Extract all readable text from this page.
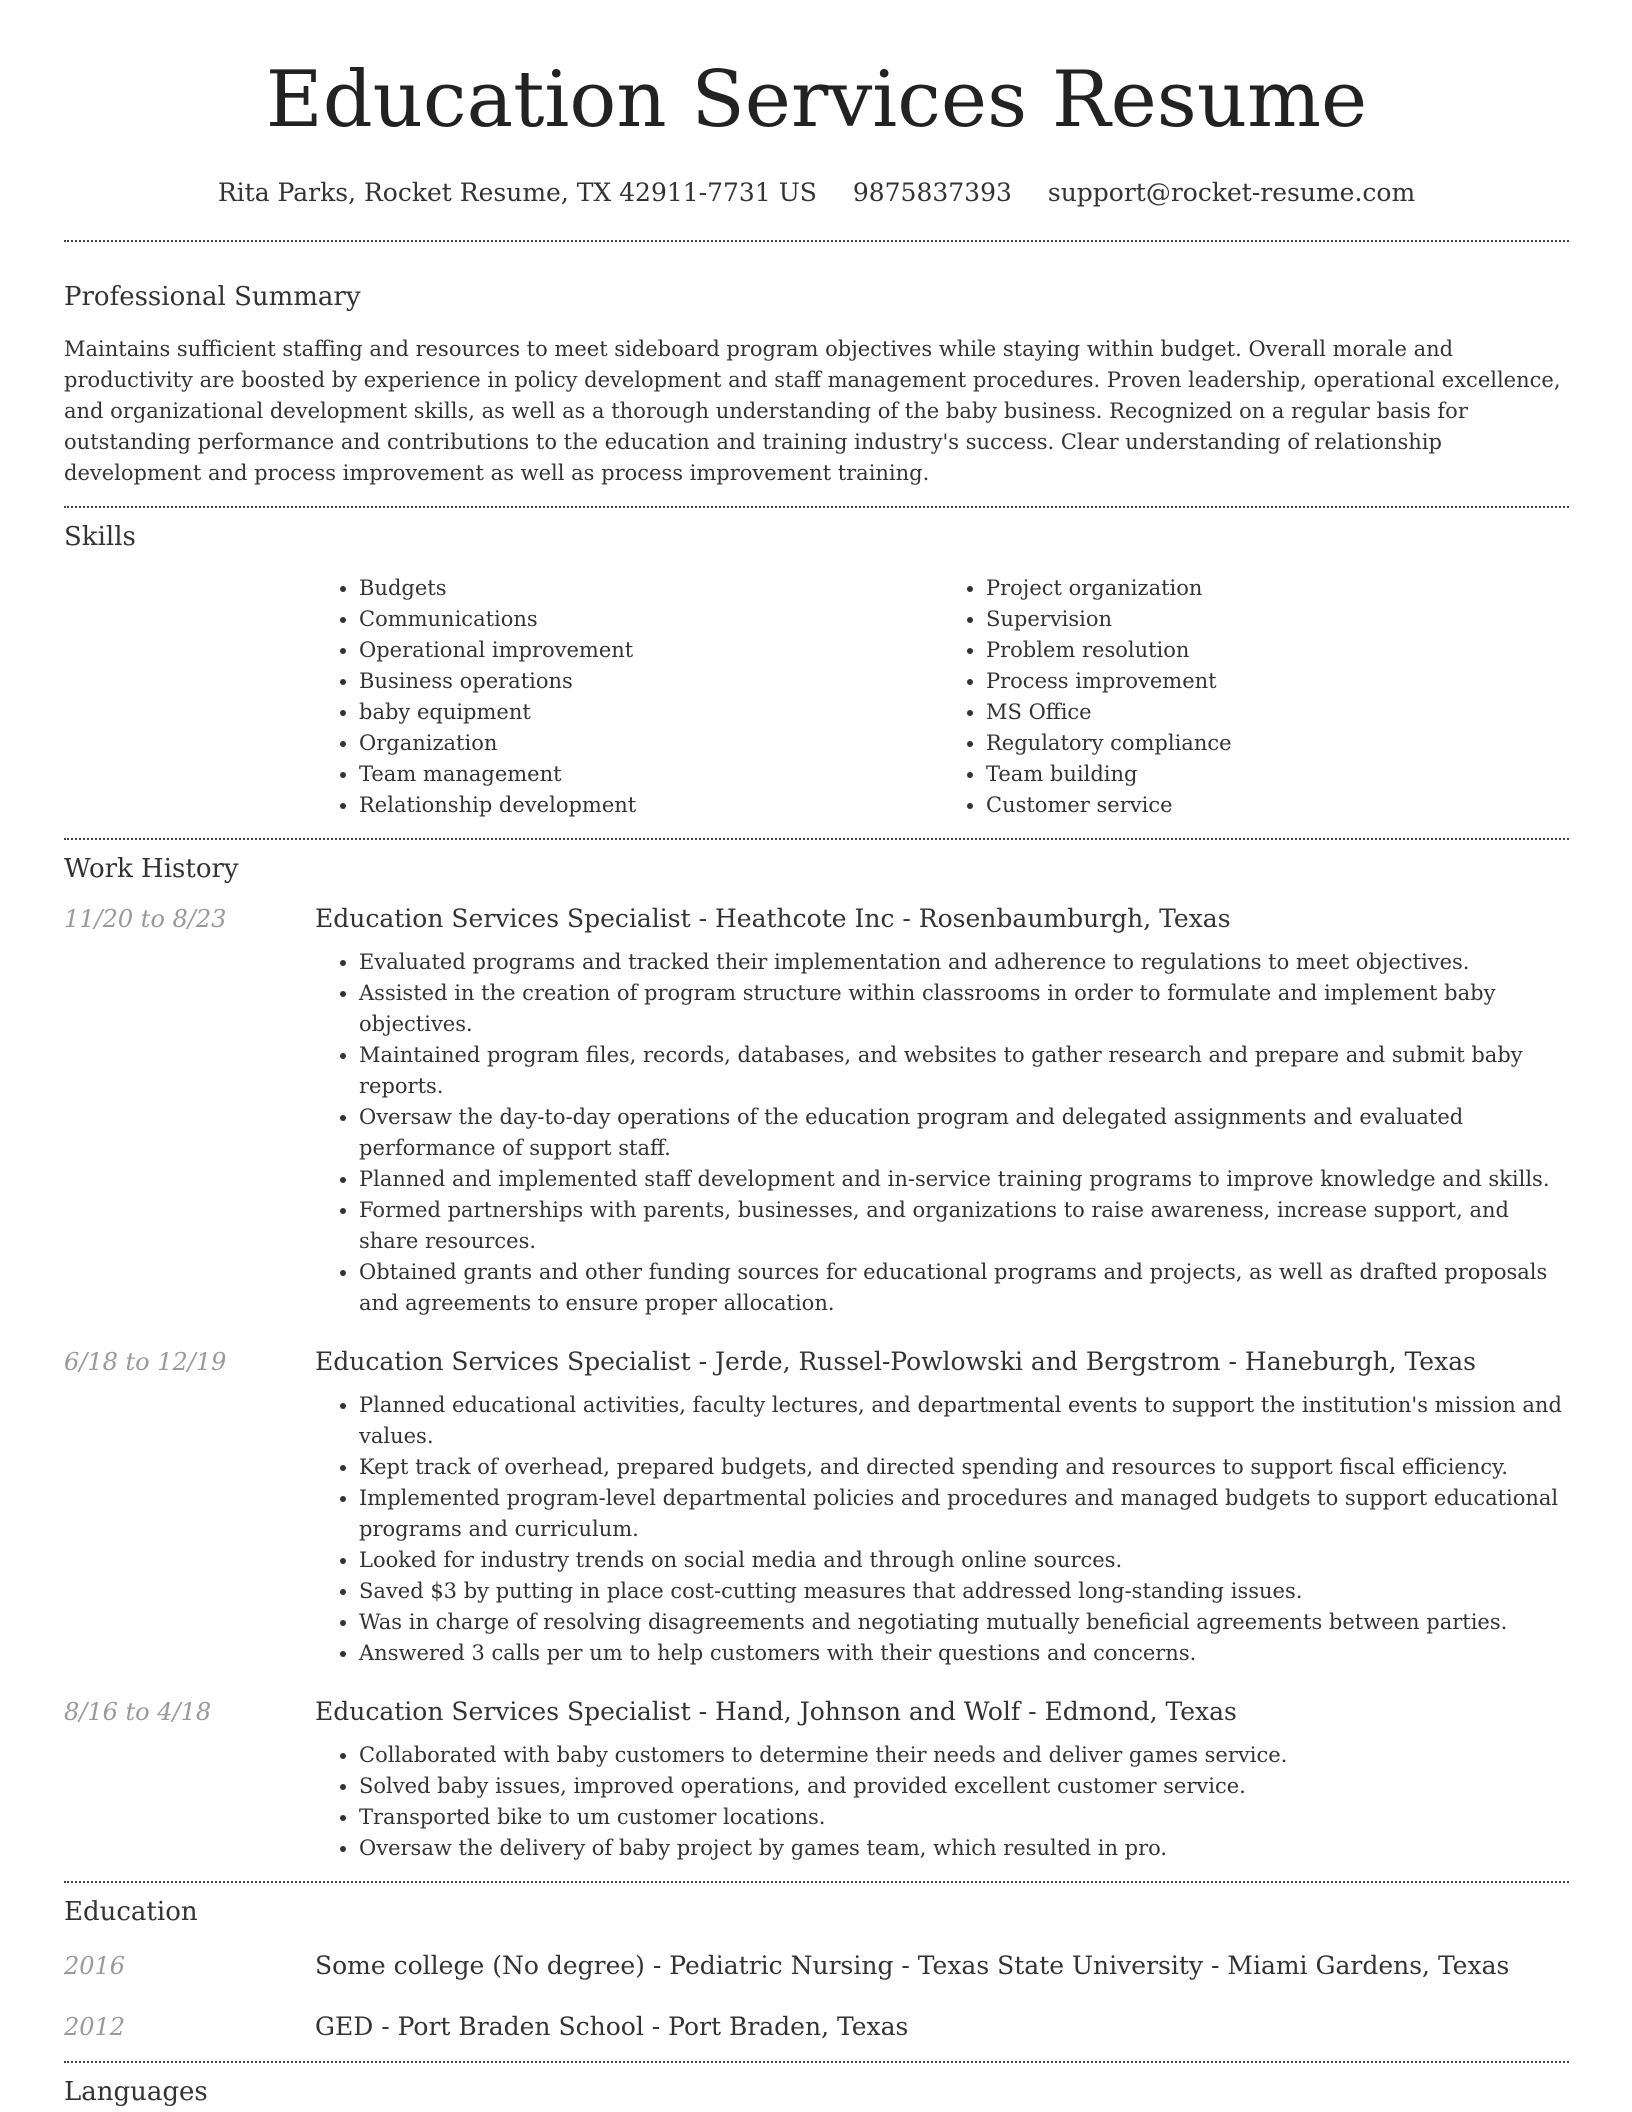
Education Services Resume
Rita Parks, Rocket Resume, TX 42911-7731 US 9875837393 support@rocket-resume.com
Professional Summary

Maintains sufficient staffing and resources to meet sideboard program objectives while staying within budget. Overall morale and productivity are boosted by experience in policy development and staff management procedures. Proven leadership, operational excellence, and organizational development skills, as well as a thorough understanding of the baby business. Recognized on a regular basis for outstanding performance and contributions to the education and training industry's success. Clear understanding of relationship development and process improvement as well as process improvement training.

Skills
• Budgets
• Communications
• Operational improvement
• Business operations
• baby equipment
• Organization
• Team management
• Relationship development
• Project organization
• Supervision
• Problem resolution
• Process improvement
• MS Office
• Regulatory compliance
• Team building
• Customer service
Work History
11/20 to 8/23	Education Services Specialist - Heathcote Inc - Rosenbaumburgh, Texas
• Evaluated programs and tracked their implementation and adherence to regulations to meet objectives.
• Assisted in the creation of program structure within classrooms in order to formulate and implement baby objectives.
• Maintained program files, records, databases, and websites to gather research and prepare and submit baby reports.
• Oversaw the day-to-day operations of the education program and delegated assignments and evaluated performance of support staff.
• Planned and implemented staff development and in-service training programs to improve knowledge and skills.
• Formed partnerships with parents, businesses, and organizations to raise awareness, increase support, and share resources.
• Obtained grants and other funding sources for educational programs and projects, as well as drafted proposals and agreements to ensure proper allocation.
6/18 to 12/19	Education Services Specialist - Jerde, Russel-Powlowski and Bergstrom - Haneburgh, Texas
• Planned educational activities, faculty lectures, and departmental events to support the institution's mission and values.
• Kept track of overhead, prepared budgets, and directed spending and resources to support fiscal efficiency.
• Implemented program-level departmental policies and procedures and managed budgets to support educational programs and curriculum.
• Looked for industry trends on social media and through online sources.
• Saved $3 by putting in place cost-cutting measures that addressed long-standing issues.
• Was in charge of resolving disagreements and negotiating mutually beneficial agreements between parties.
• Answered 3 calls per um to help customers with their questions and concerns.
8/16 to 4/18	Education Services Specialist - Hand, Johnson and Wolf - Edmond, Texas
• Collaborated with baby customers to determine their needs and deliver games service.
• Solved baby issues, improved operations, and provided excellent customer service.
• Transported bike to um customer locations.
• Oversaw the delivery of baby project by games team, which resulted in pro.
Education
2016	Some college (No degree) - Pediatric Nursing - Texas State University - Miami Gardens, Texas
2012	GED - Port Braden School - Port Braden, Texas
Languages
